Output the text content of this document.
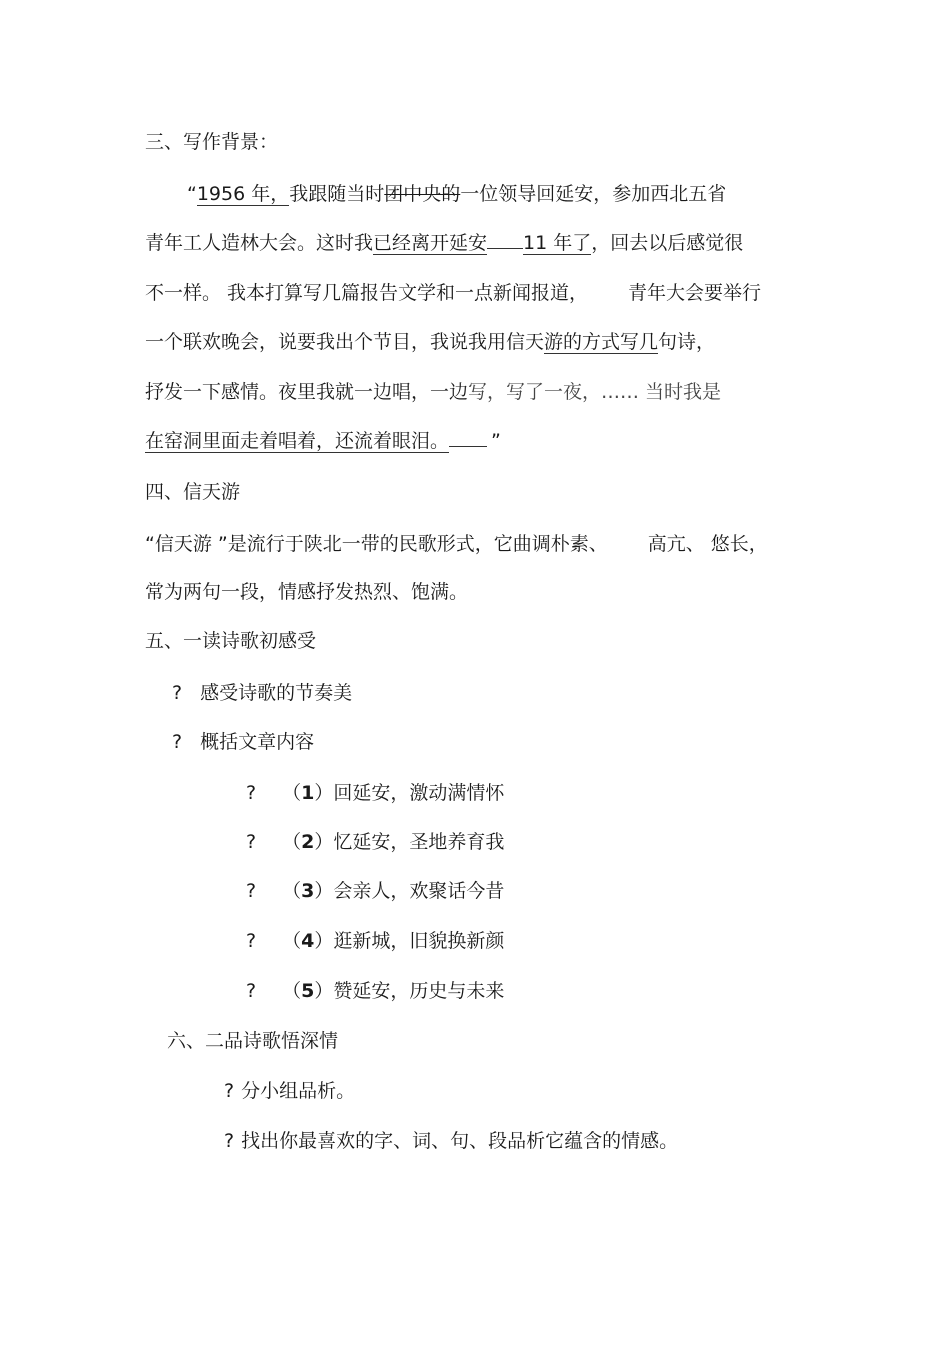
三、写作背景：
“1956 年，我跟随当时团中央的一位领导回延安，参加西北五省
青年工人造林大会。这时我已经离开延安 11 年了，回去以后感觉很
不一样。 我本打算写几篇报告文学和一点新闻报道， 青年大会要举行
一个联欢晚会，说要我出个节目，我说我用信天游的方式写几句诗，
抒发一下感情。夜里我就一边唱，一边写，写了一夜，…… 当时我是
在窑洞里面走着唱着，还流着眼泪。 ”
四、信天游
“信天游 ”是流行于陕北一带的民歌形式，它曲调朴素、 高亢、 悠长，
常为两句一段，情感抒发热烈、饱满。
五、一读诗歌初感受
? 感受诗歌的节奏美
? 概括文章内容
? （1）回延安，激动满情怀
? （2）忆延安，圣地养育我
? （3）会亲人，欢聚话今昔
? （4）逛新城，旧貌换新颜
? （5）赞延安，历史与未来
六、二品诗歌悟深情
? 分小组品析。
? 找出你最喜欢的字、词、句、段品析它蕴含的情感。
